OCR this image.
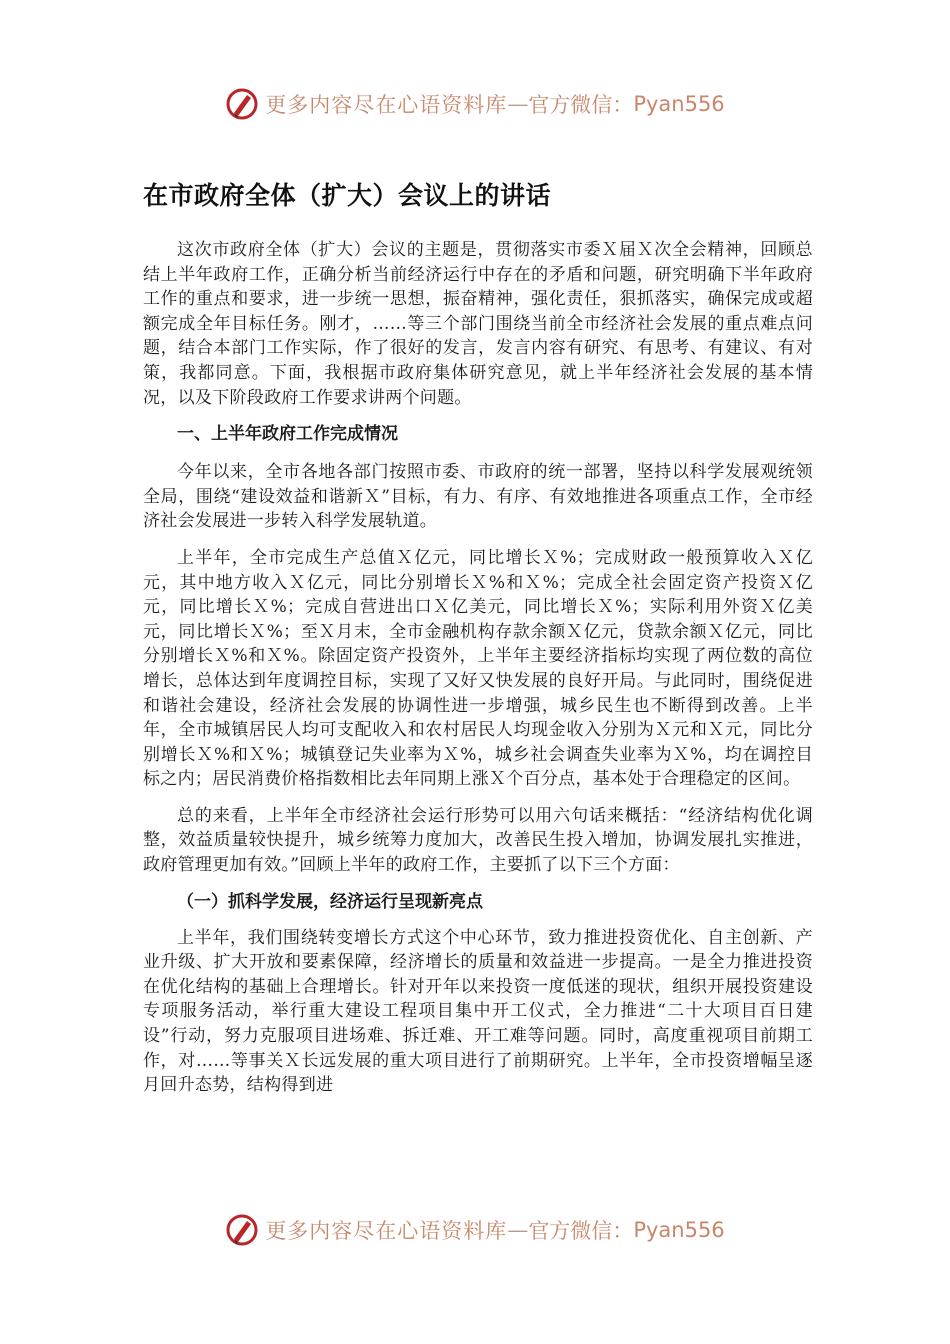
更多内容尽在心语资料库 — 官方微信： Pyan556
在市政府全体（扩大）会议上的讲话

这次市政府全体（扩大）会议的主题是，贯彻落实市委Ｘ届Ｘ次全会精神，回顾总结上半年政府工作，正确分析当前经济运行中存在的矛盾和问题，研究明确下半年政府工作的重点和要求，进一步统一思想，振奋精神，强化责任，狠抓落实，确保完成或超额完成全年目标任务。刚才，……等三个部门围绕当前全市经济社会发展的重点难点问题，结合本部门工作实际，作了很好的发言，发言内容有研究、有思考、有建议、有对策，我都同意。下面，我根据市政府集体研究意见，就上半年经济社会发展的基本情况，以及下阶段政府工作要求讲两个问题。

一、上半年政府工作完成情况

今年以来，全市各地各部门按照市委、市政府的统一部署，坚持以科学发展观统领全局，围绕“建设效益和谐新Ｘ”目标，有力、有序、有效地推进各项重点工作，全市经济社会发展进一步转入科学发展轨道。

上半年，全市完成生产总值Ｘ亿元，同比增长Ｘ%；完成财政一般预算收入Ｘ亿元，其中地方收入Ｘ亿元，同比分别增长Ｘ%和Ｘ%；完成全社会固定资产投资Ｘ亿元，同比增长Ｘ%；完成自营进出口Ｘ亿美元，同比增长Ｘ%；实际利用外资Ｘ亿美元，同比增长Ｘ%；至Ｘ月末，全市金融机构存款余额Ｘ亿元，贷款余额Ｘ亿元，同比分别增长Ｘ%和Ｘ%。除固定资产投资外，上半年主要经济指标均实现了两位数的高位增长，总体达到年度调控目标，实现了又好又快发展的良好开局。与此同时，围绕促进和谐社会建设，经济社会发展的协调性进一步增强，城乡民生也不断得到改善。上半年，全市城镇居民人均可支配收入和农村居民人均现金收入分别为Ｘ元和Ｘ元，同比分别增长Ｘ%和Ｘ%；城镇登记失业率为Ｘ%，城乡社会调查失业率为Ｘ%，均在调控目标之内；居民消费价格指数相比去年同期上涨Ｘ个百分点，基本处于合理稳定的区间。

总的来看，上半年全市经济社会运行形势可以用六句话来概括：“经济结构优化调整，效益质量较快提升，城乡统筹力度加大，改善民生投入增加，协调发展扎实推进，政府管理更加有效。”回顾上半年的政府工作，主要抓了以下三个方面：

（一）抓科学发展，经济运行呈现新亮点

上半年，我们围绕转变增长方式这个中心环节，致力推进投资优化、自主创新、产业升级、扩大开放和要素保障，经济增长的质量和效益进一步提高。一是全力推进投资在优化结构的基础上合理增长。针对开年以来投资一度低迷的现状，组织开展投资建设专项服务活动，举行重大建设工程项目集中开工仪式，全力推进“二十大项目百日建设”行动，努力克服项目进场难、拆迁难、开工难等问题。同时，高度重视项目前期工作，对……等事关Ｘ长远发展的重大项目进行了前期研究。上半年，全市投资增幅呈逐月回升态势，结构得到进

更多内容尽在心语资料库 — 官方微信： Pyan556
